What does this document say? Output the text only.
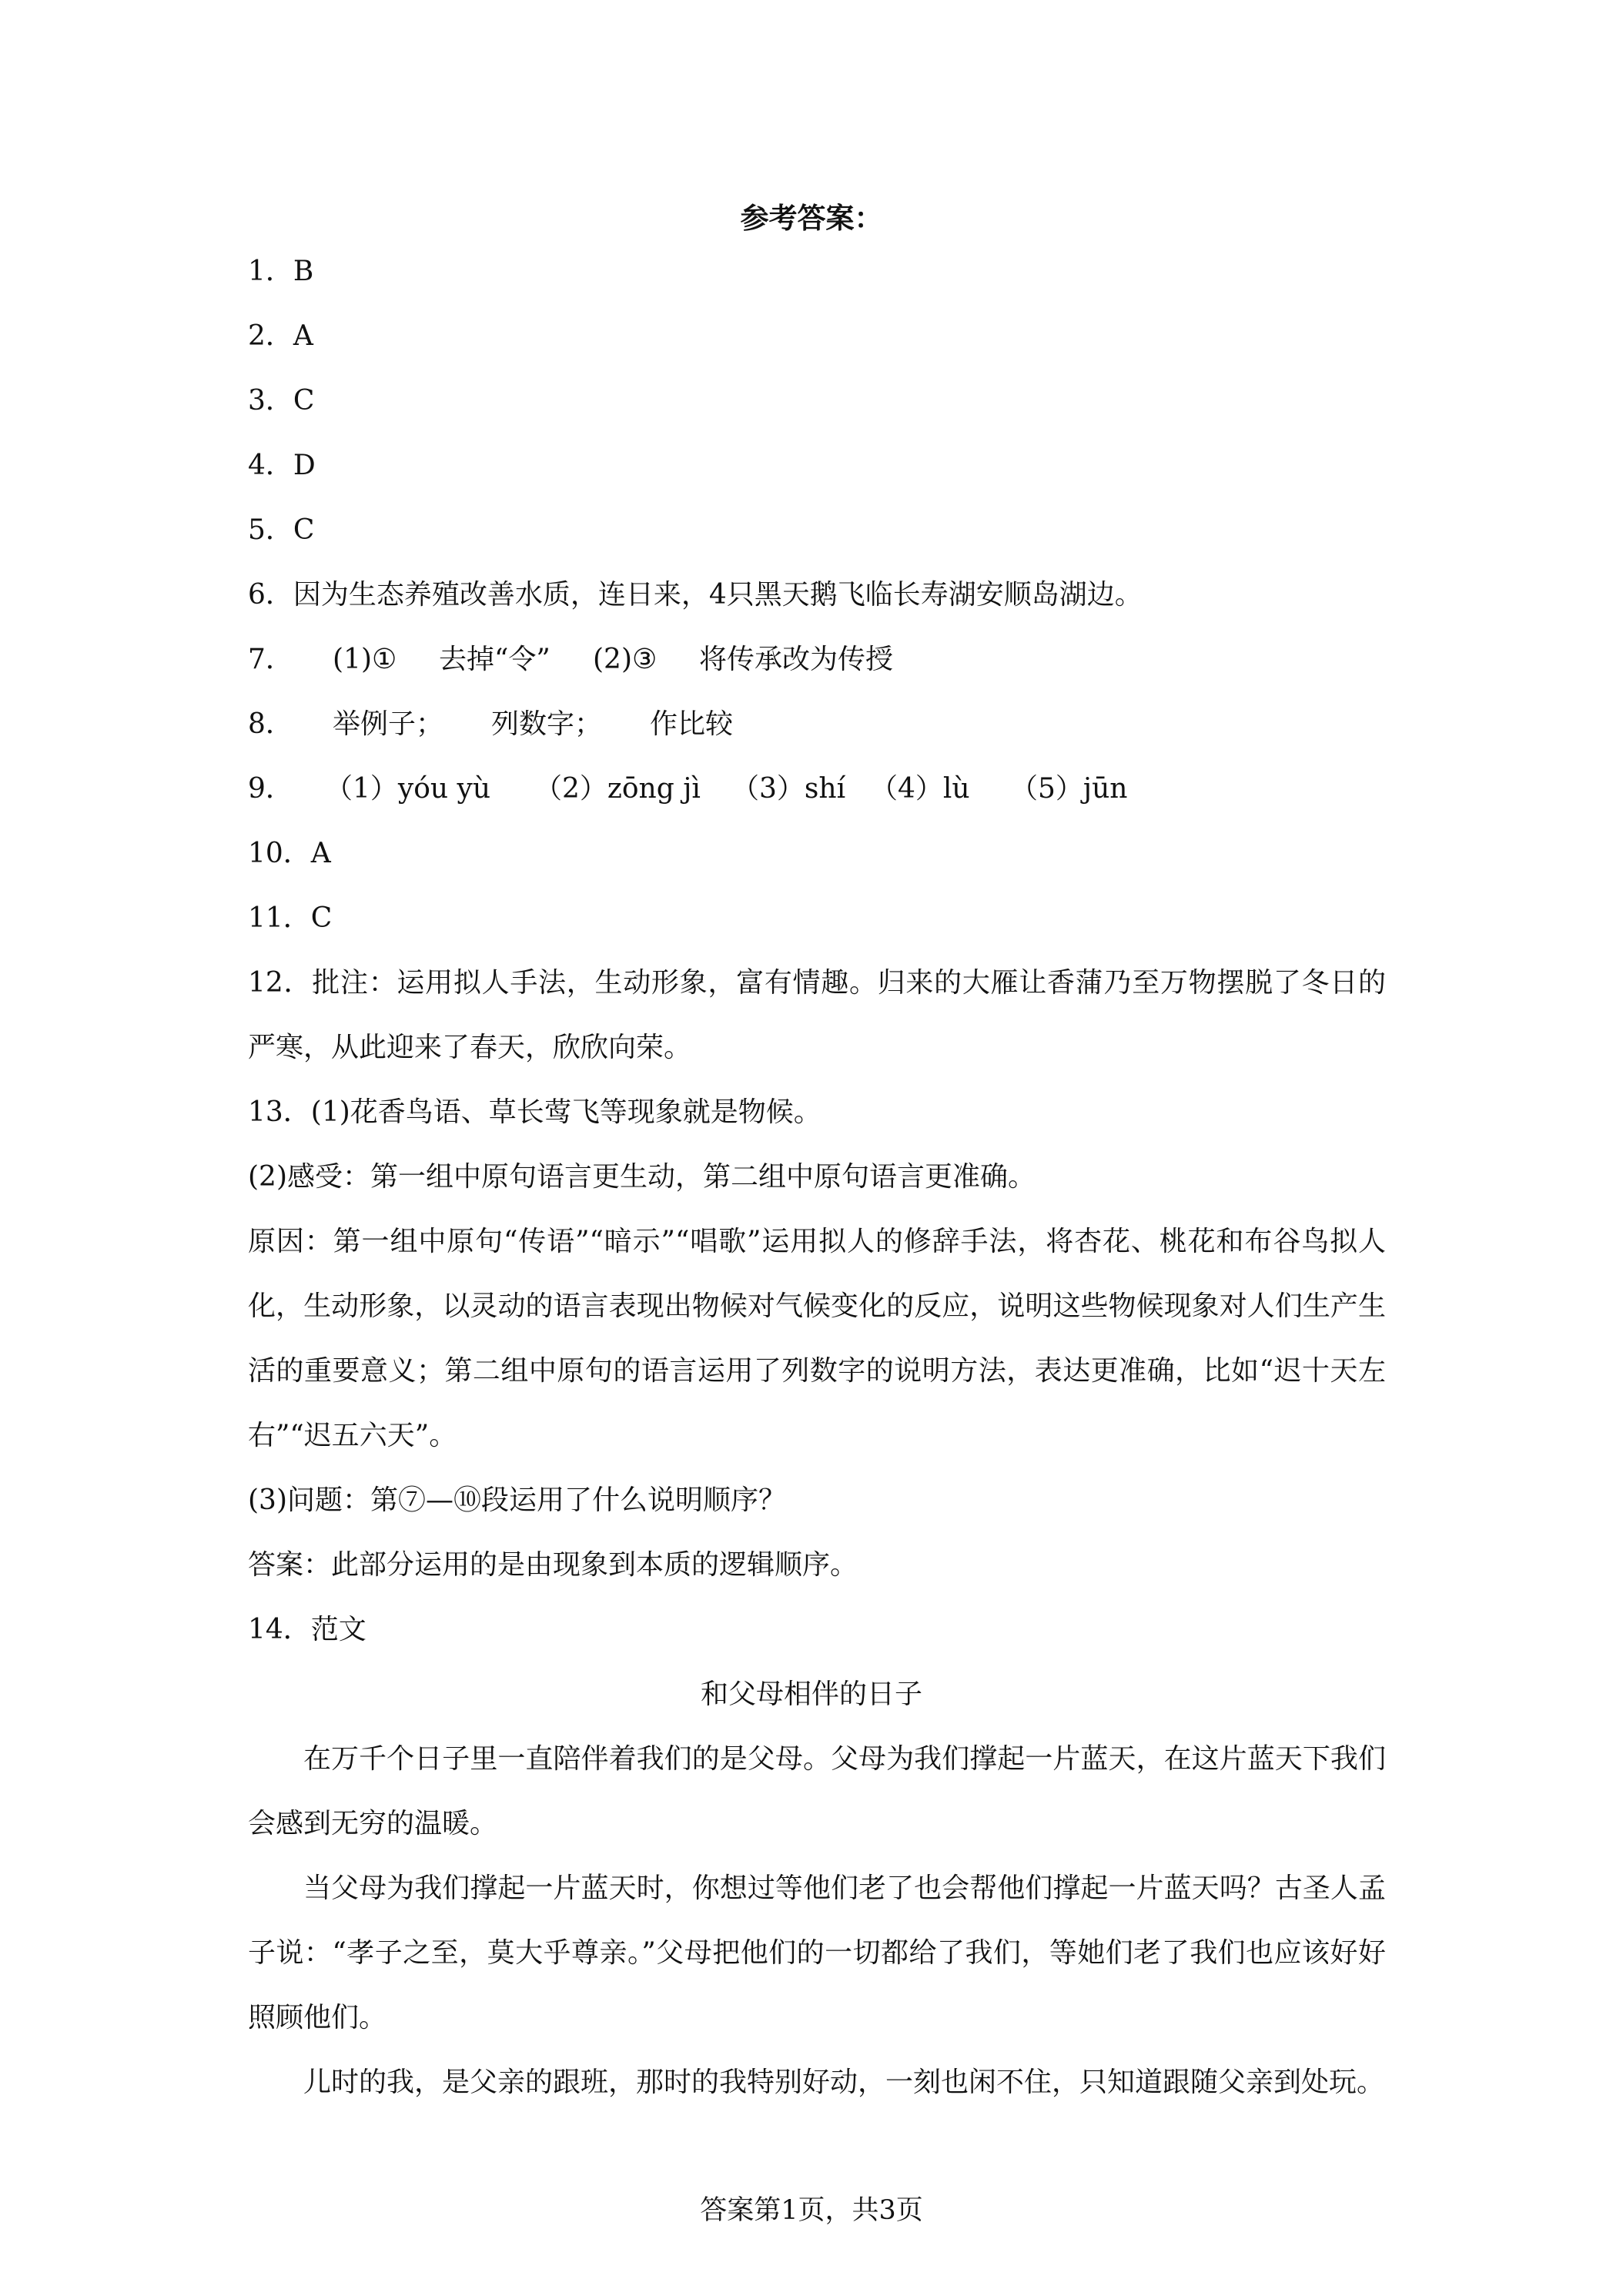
参考答案：
1．B
2．A
3．C
4．D
5．C
6．因为生态养殖改善水质，连日来，4只黑天鹅飞临长寿湖安顺岛湖边。
7． (1)① 去掉“令” (2)③ 将传承改为传授
8． 举例子； 列数字； 作比较
9． （1）yóu yù （2）zōng jì （3）shí （4）lù （5）jūn
10．A
11．C
12．批注：运用拟人手法，生动形象，富有情趣。归来的大雁让香蒲乃至万物摆脱了冬日的严寒，从此迎来了春天，欣欣向荣。
13．(1)花香鸟语、草长莺飞等现象就是物候。
(2)感受：第一组中原句语言更生动，第二组中原句语言更准确。
原因：第一组中原句“传语”“暗示”“唱歌”运用拟人的修辞手法，将杏花、桃花和布谷鸟拟人化，生动形象，以灵动的语言表现出物候对气候变化的反应，说明这些物候现象对人们生产生活的重要意义；第二组中原句的语言运用了列数字的说明方法，表达更准确，比如“迟十天左右”“迟五六天”。
(3)问题：第⑦—⑩段运用了什么说明顺序？
答案：此部分运用的是由现象到本质的逻辑顺序。
14．范文
和父母相伴的日子
在万千个日子里一直陪伴着我们的是父母。父母为我们撑起一片蓝天，在这片蓝天下我们会感到无穷的温暖。
当父母为我们撑起一片蓝天时，你想过等他们老了也会帮他们撑起一片蓝天吗？古圣人孟子说：“孝子之至，莫大乎尊亲。”父母把他们的一切都给了我们，等她们老了我们也应该好好照顾他们。
儿时的我，是父亲的跟班，那时的我特别好动，一刻也闲不住，只知道跟随父亲到处玩。
答案第1页，共3页
